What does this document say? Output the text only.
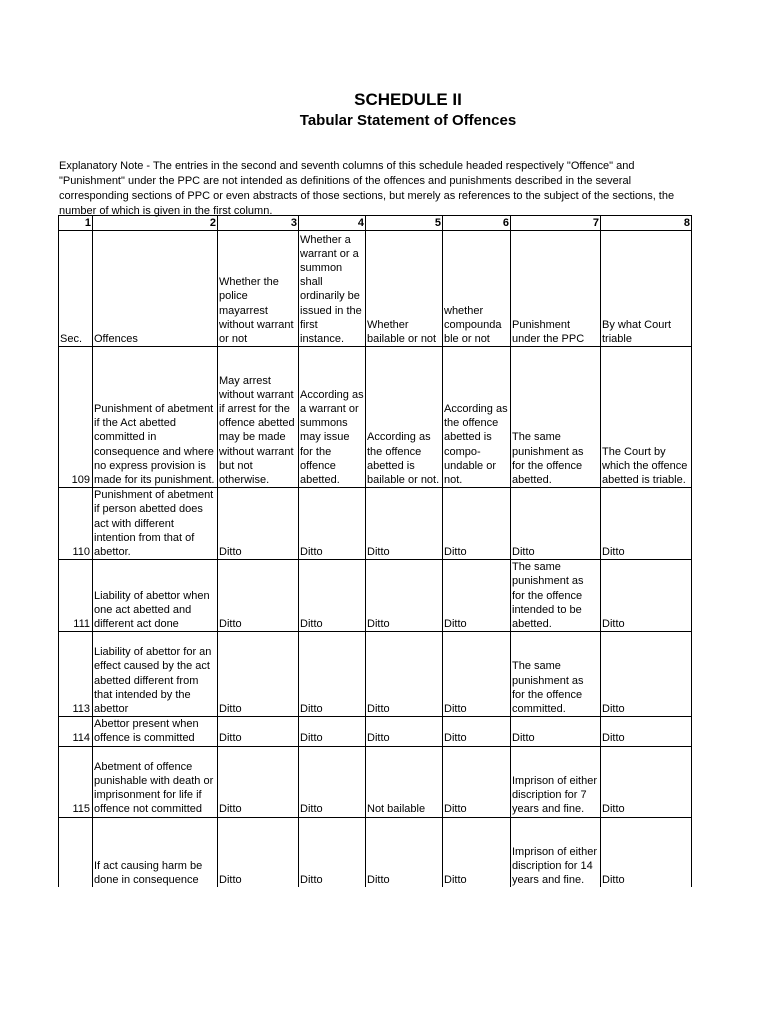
SCHEDULE II
Tabular Statement of Offences
Explanatory Note - The entries in the second and seventh columns of this schedule headed respectively "Offence" and "Punishment" under the PPC are not intended as definitions of the offences and punishments described in the several corresponding sections of PPC or even abstracts of those sections, but merely as references to the subject of the sections, the number of which is given in the first column.
1	2	3	4	5	6	7	8
Sec.	Offences	Whether the police mayarrest without warrant or not	Whether a warrant or a summon shall ordinarily be issued in the first instance.	Whether bailable or not	whether compounda ble or not	Punishment under the PPC	By what Court triable
109	Punishment of abetment if the Act abetted committed in consequence and where no express provision is made for its punishment.	May arrest without warrant if arrest for the offence abetted may be made without warrant but not otherwise.	According as a warrant or summons may issue for the offence abetted.	According as the offence abetted is bailable or not.	According as the offence abetted is compo-undable or not.	The same punishment as for the offence abetted.	The Court by which the offence abetted is triable.
110	Punishment of abetment if person abetted does act with different intention from that of abettor.	Ditto	Ditto	Ditto	Ditto	Ditto	Ditto
111	Liability of abettor when one act abetted and different act done	Ditto	Ditto	Ditto	Ditto	The same punishment as for the offence intended to be abetted.	Ditto
113	Liability of abettor for an effect caused by the act abetted different from that intended by the abettor	Ditto	Ditto	Ditto	Ditto	The same punishment as for the offence committed.	Ditto
114	Abettor present when offence is committed	Ditto	Ditto	Ditto	Ditto	Ditto	Ditto
115	Abetment of offence punishable with death or imprisonment for life if offence not committed	Ditto	Ditto	Not bailable	Ditto	Imprison of either discription for 7 years and fine.	Ditto
	If act causing harm be done in consequence	Ditto	Ditto	Ditto	Ditto	Imprison of either discription for 14 years and fine.	Ditto
